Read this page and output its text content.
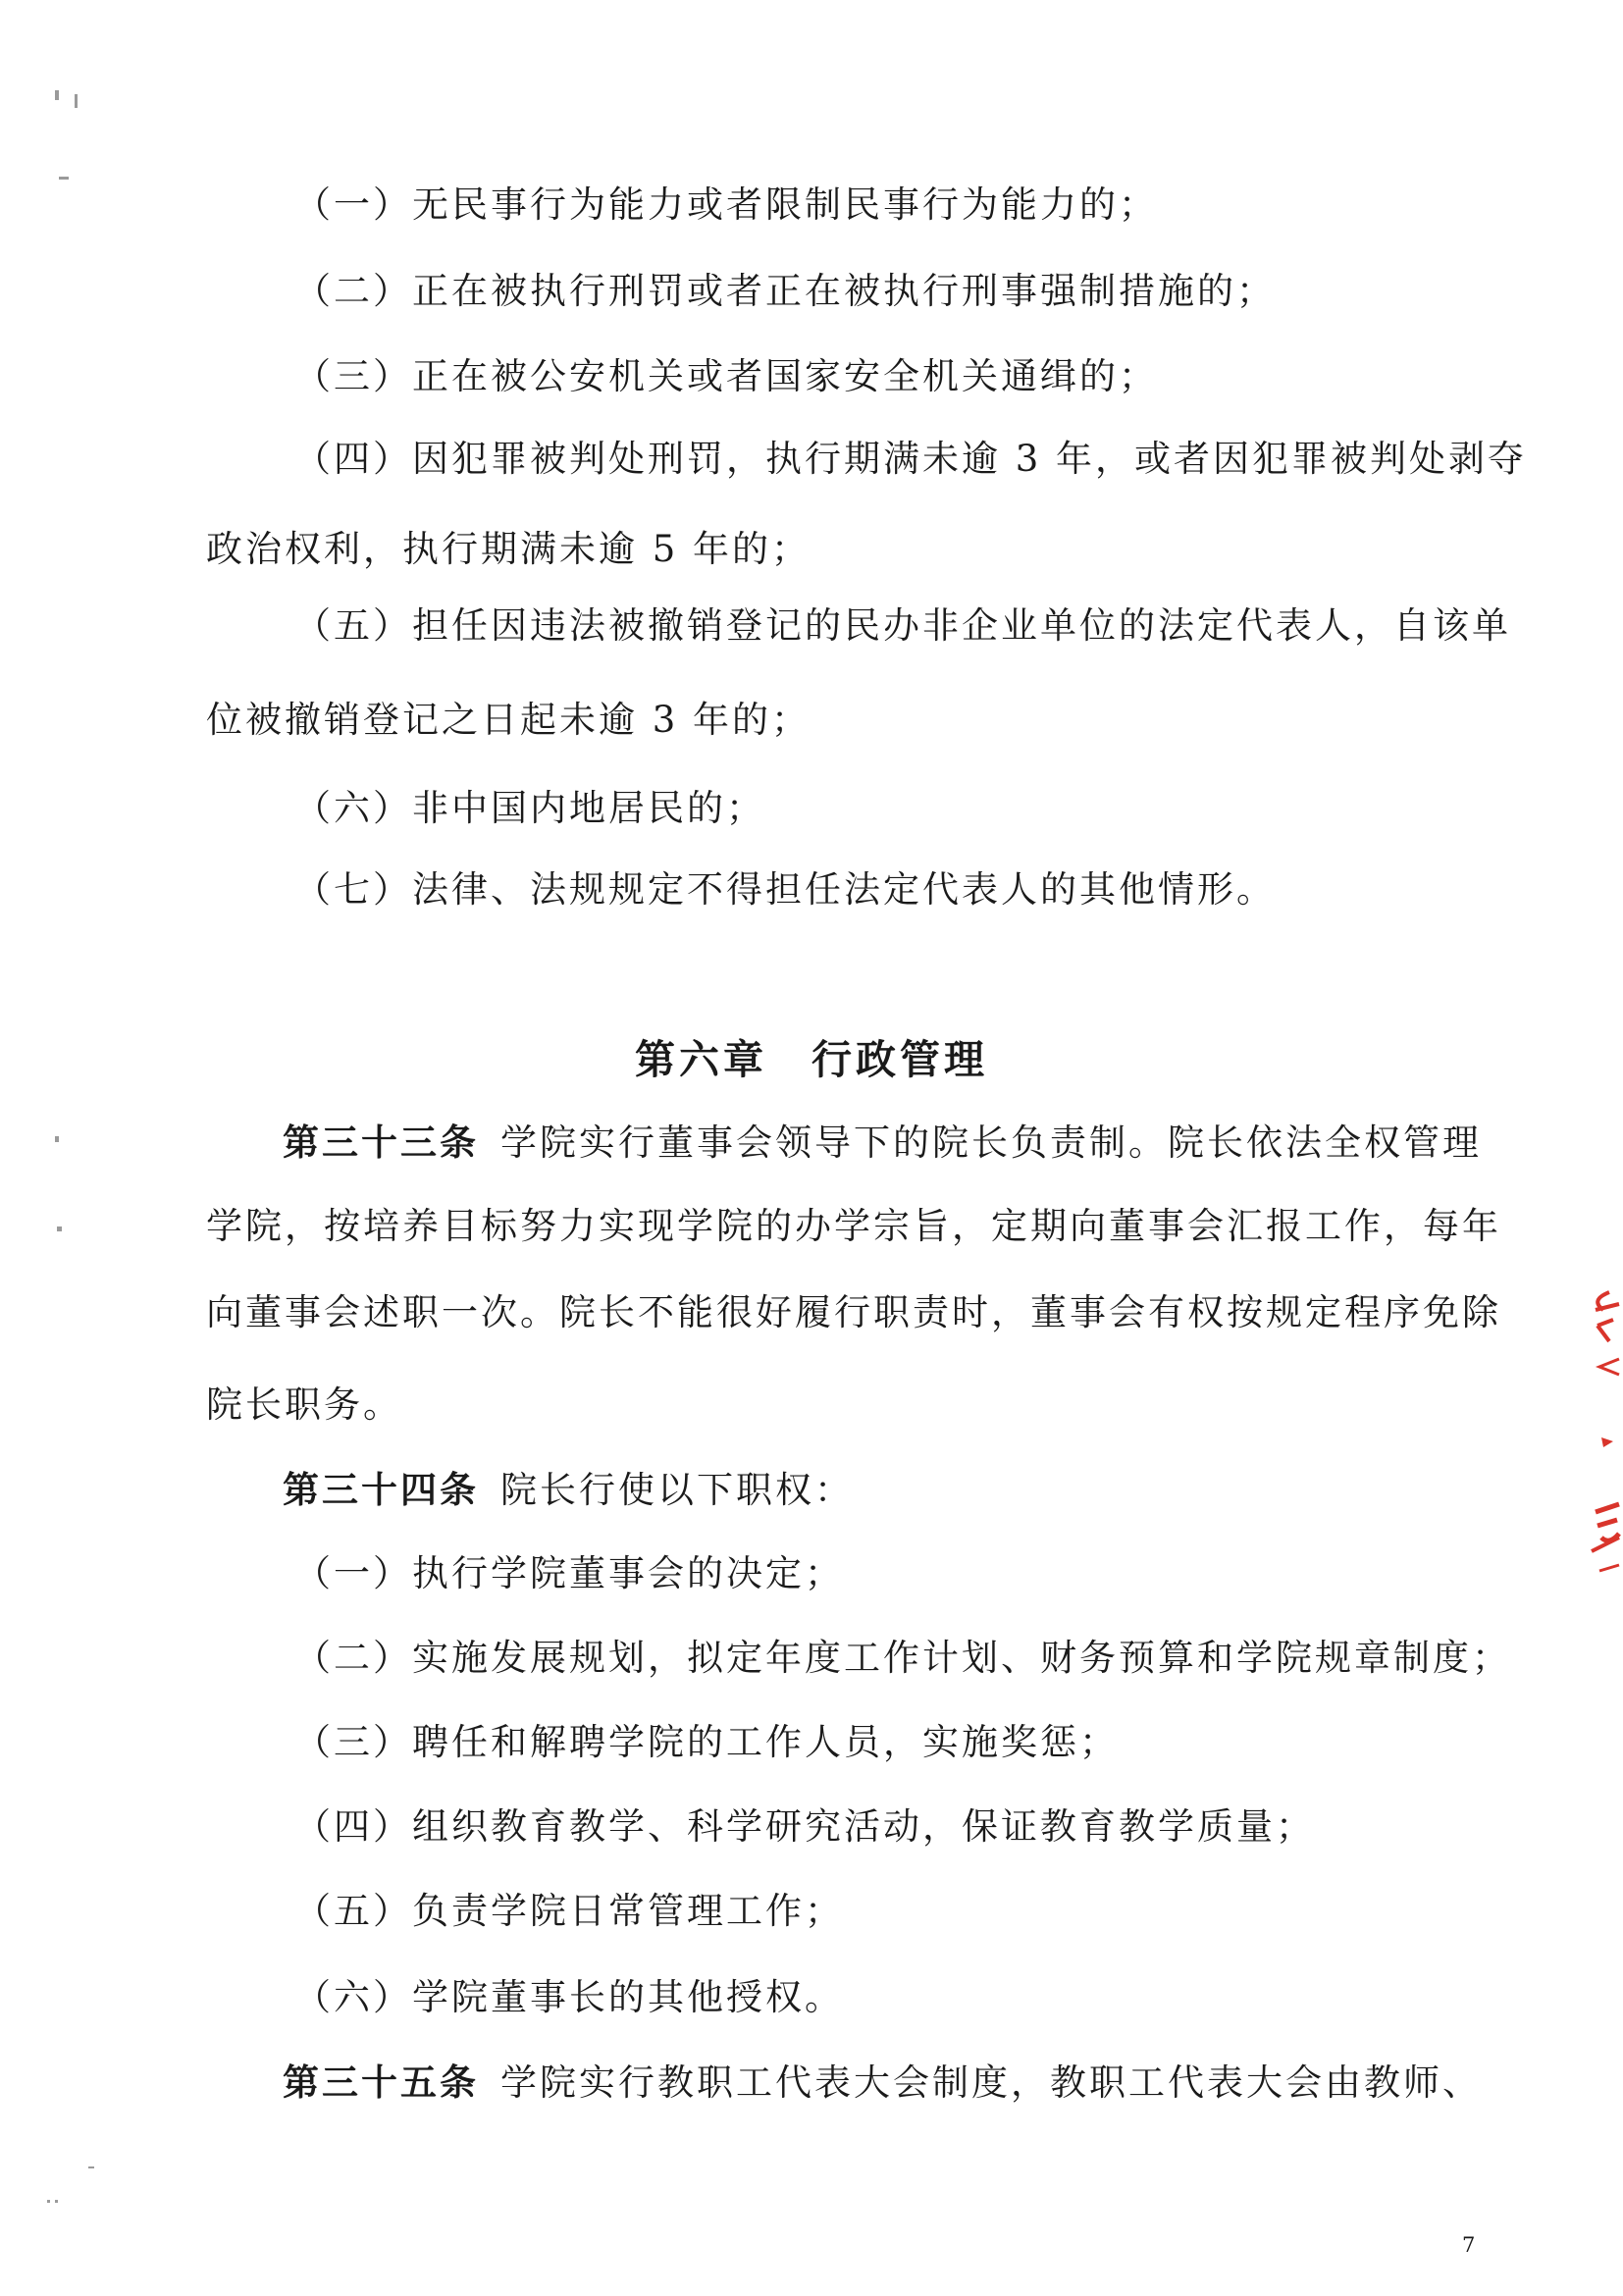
（一）无民事行为能力或者限制民事行为能力的；
（二）正在被执行刑罚或者正在被执行刑事强制措施的；
（三）正在被公安机关或者国家安全机关通缉的；
（四）因犯罪被判处刑罚，执行期满未逾 3 年，或者因犯罪被判处剥夺
政治权利，执行期满未逾 5 年的；
（五）担任因违法被撤销登记的民办非企业单位的法定代表人，自该单
位被撤销登记之日起未逾 3 年的；
（六）非中国内地居民的；
（七）法律、法规规定不得担任法定代表人的其他情形。
第六章　行政管理
第三十三条 学院实行董事会领导下的院长负责制。院长依法全权管理
学院，按培养目标努力实现学院的办学宗旨，定期向董事会汇报工作，每年
向董事会述职一次。院长不能很好履行职责时，董事会有权按规定程序免除
院长职务。
第三十四条 院长行使以下职权：
（一）执行学院董事会的决定；
（二）实施发展规划，拟定年度工作计划、财务预算和学院规章制度；
（三）聘任和解聘学院的工作人员，实施奖惩；
（四）组织教育教学、科学研究活动，保证教育教学质量；
（五）负责学院日常管理工作；
（六）学院董事长的其他授权。
第三十五条 学院实行教职工代表大会制度，教职工代表大会由教师、
7
